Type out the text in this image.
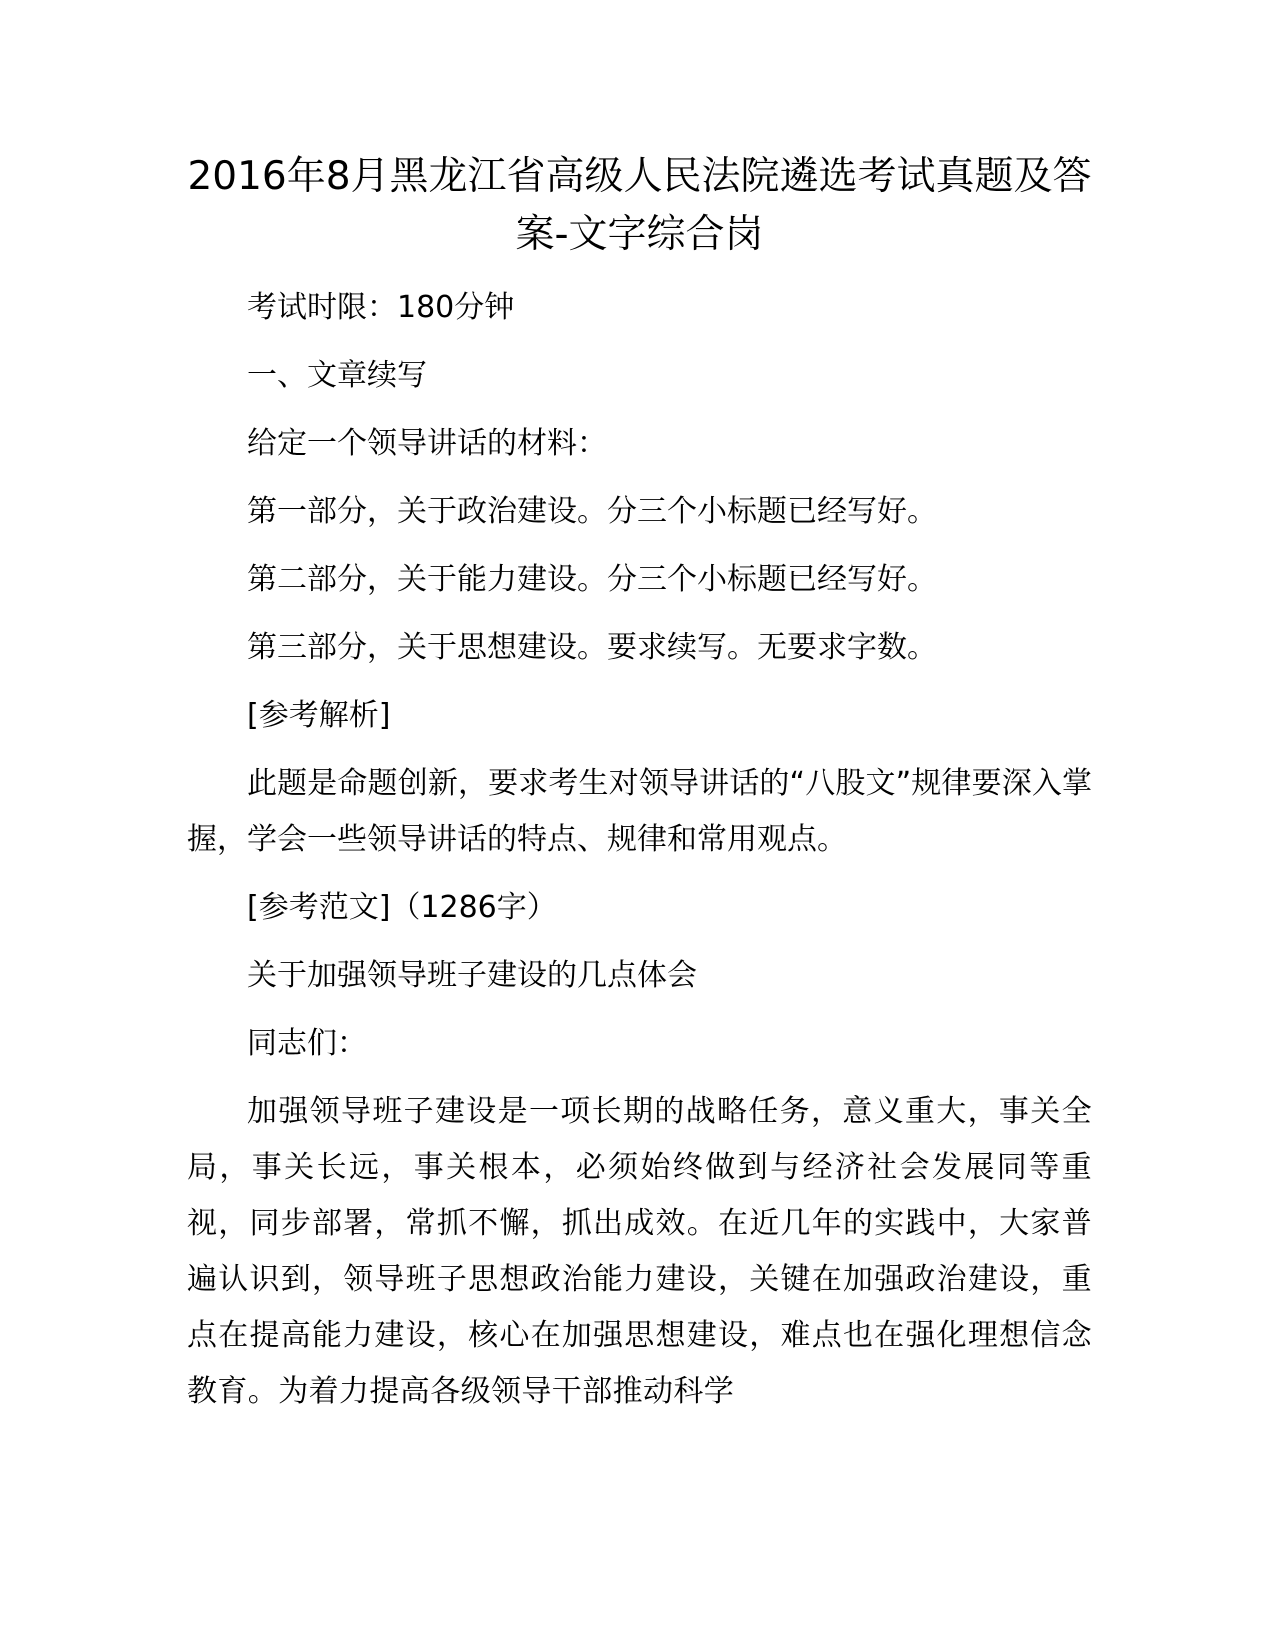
2016年8月黑龙江省高级人民法院遴选考试真题及答案-文字综合岗

考试时限：180分钟

一、文章续写

给定一个领导讲话的材料：

第一部分，关于政治建设。分三个小标题已经写好。

第二部分，关于能力建设。分三个小标题已经写好。

第三部分，关于思想建设。要求续写。无要求字数。

[参考解析]

此题是命题创新，要求考生对领导讲话的“八股文”规律要深入掌握，学会一些领导讲话的特点、规律和常用观点。

[参考范文]（1286字）

关于加强领导班子建设的几点体会

同志们：

加强领导班子建设是一项长期的战略任务，意义重大，事关全局，事关长远，事关根本，必须始终做到与经济社会发展同等重视，同步部署，常抓不懈，抓出成效。在近几年的实践中，大家普遍认识到，领导班子思想政治能力建设，关键在加强政治建设，重点在提高能力建设，核心在加强思想建设，难点也在强化理想信念教育。为着力提高各级领导干部推动科学
